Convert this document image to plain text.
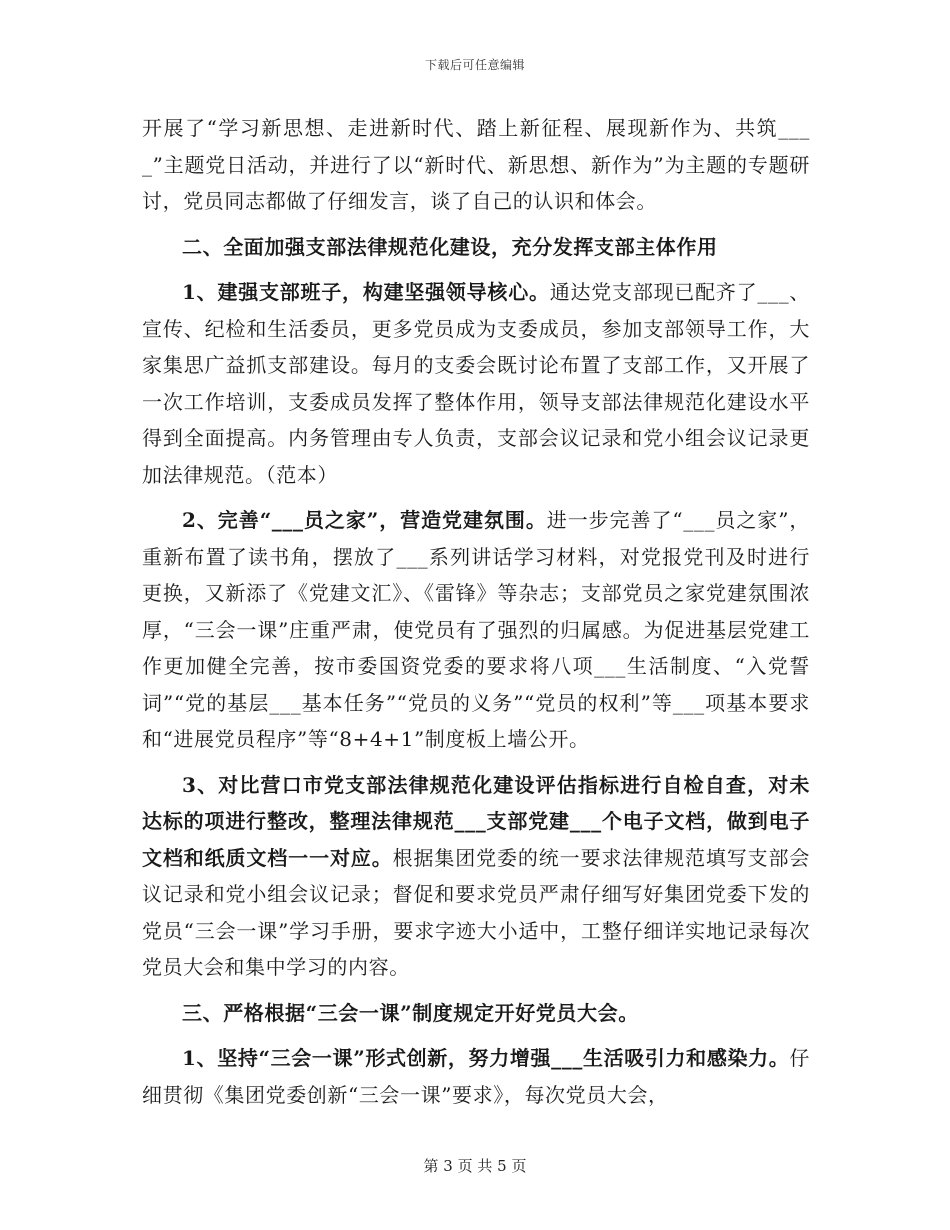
下载后可任意编辑

开展了“学习新思想、走进新时代、踏上新征程、展现新作为、共筑____”主题党日活动，并进行了以“新时代、新思想、新作为”为主题的专题研讨，党员同志都做了仔细发言，谈了自己的认识和体会。

二、全面加强支部法律规范化建设，充分发挥支部主体作用

1、建强支部班子，构建坚强领导核心。通达党支部现已配齐了___、宣传、纪检和生活委员，更多党员成为支委成员，参加支部领导工作，大家集思广益抓支部建设。每月的支委会既讨论布置了支部工作，又开展了一次工作培训，支委成员发挥了整体作用，领导支部法律规范化建设水平得到全面提高。内务管理由专人负责，支部会议记录和党小组会议记录更加法律规范。（范本）

2、完善“___员之家”，营造党建氛围。进一步完善了“___员之家”，重新布置了读书角，摆放了___系列讲话学习材料，对党报党刊及时进行更换，又新添了《党建文汇》、《雷锋》等杂志；支部党员之家党建氛围浓厚，“三会一课”庄重严肃，使党员有了强烈的归属感。为促进基层党建工作更加健全完善，按市委国资党委的要求将八项___生活制度、“入党誓词”“党的基层___基本任务”“党员的义务”“党员的权利”等___项基本要求和“进展党员程序”等“8+4+1”制度板上墙公开。

3、对比营口市党支部法律规范化建设评估指标进行自检自查，对未达标的项进行整改，整理法律规范___支部党建___个电子文档，做到电子文档和纸质文档一一对应。根据集团党委的统一要求法律规范填写支部会议记录和党小组会议记录；督促和要求党员严肃仔细写好集团党委下发的党员“三会一课”学习手册，要求字迹大小适中，工整仔细详实地记录每次党员大会和集中学习的内容。

三、严格根据“三会一课”制度规定开好党员大会。

1、坚持“三会一课”形式创新，努力增强___生活吸引力和感染力。仔细贯彻《集团党委创新“三会一课”要求》，每次党员大会，

第 3 页 共 5 页
